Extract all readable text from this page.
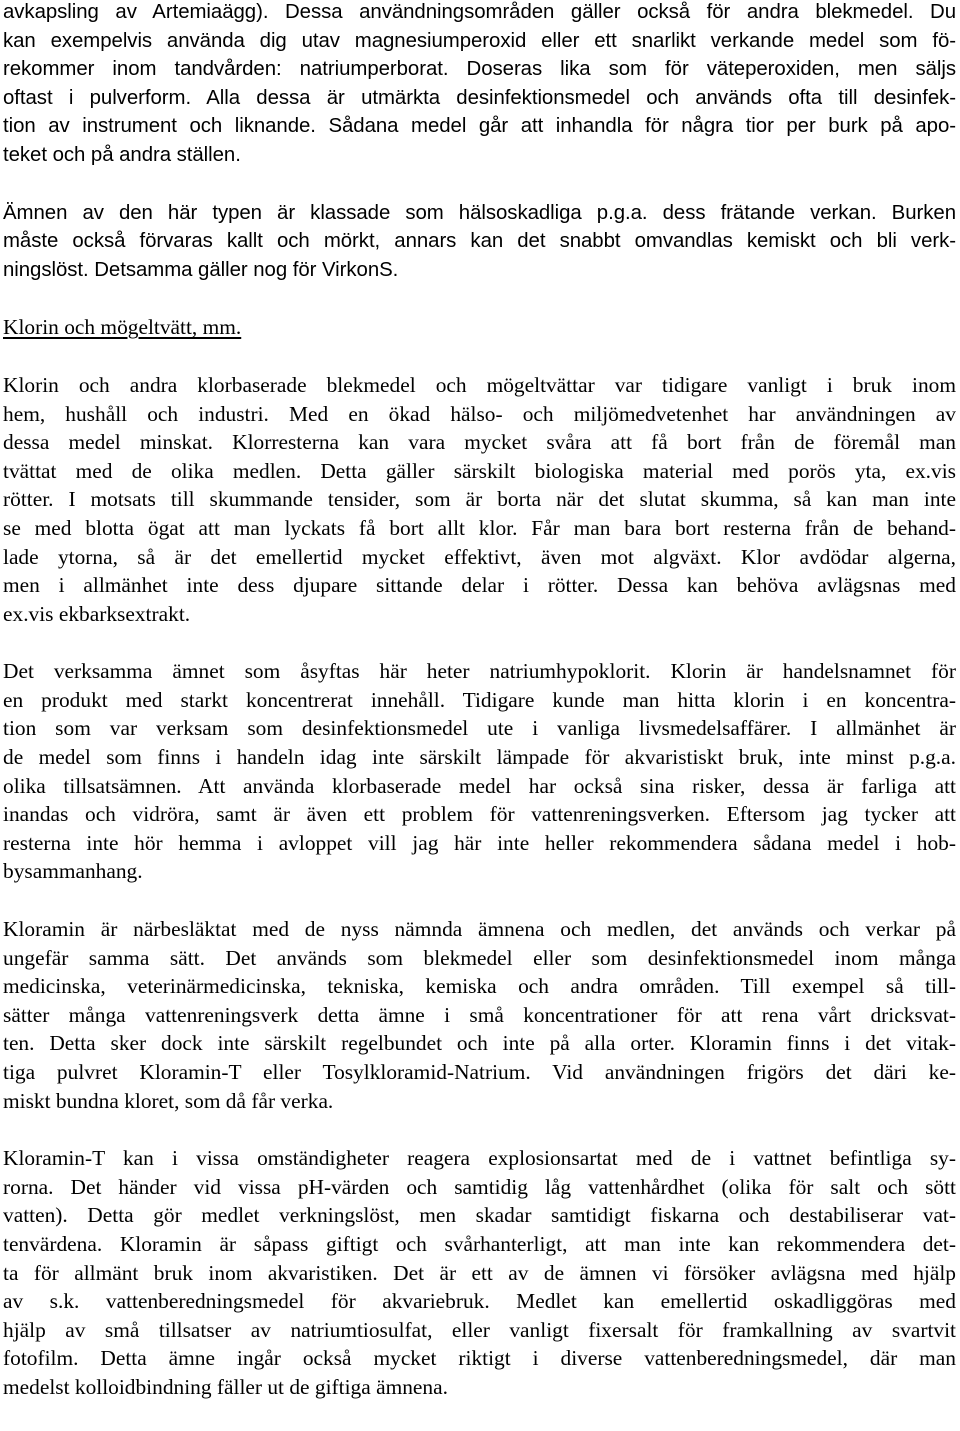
avkapsling av Artemiaägg). Dessa användningsområden gäller också för andra blekmedel. Du
kan exempelvis använda dig utav magnesiumperoxid eller ett snarlikt verkande medel som fö-
rekommer inom tandvården: natriumperborat. Doseras lika som för väteperoxiden, men säljs
oftast i pulverform. Alla dessa är utmärkta desinfektionsmedel och används ofta till desinfek-
tion av instrument och liknande. Sådana medel går att inhandla för några tior per burk på apo-
teket och på andra ställen.
Ämnen av den här typen är klassade som hälsoskadliga p.g.a. dess frätande verkan. Burken
måste också förvaras kallt och mörkt, annars kan det snabbt omvandlas kemiskt och bli verk-
ningslöst. Detsamma gäller nog för VirkonS.
Klorin och mögeltvätt, mm.
Klorin och andra klorbaserade blekmedel och mögeltvättar var tidigare vanligt i bruk inom
hem, hushåll och industri. Med en ökad hälso- och miljömedvetenhet har användningen av
dessa medel minskat. Klorresterna kan vara mycket svåra att få bort från de föremål man
tvättat med de olika medlen. Detta gäller särskilt biologiska material med porös yta, ex.vis
rötter. I motsats till skummande tensider, som är borta när det slutat skumma, så kan man inte
se med blotta ögat att man lyckats få bort allt klor. Får man bara bort resterna från de behand-
lade ytorna, så är det emellertid mycket effektivt, även mot algväxt. Klor avdödar algerna,
men i allmänhet inte dess djupare sittande delar i rötter. Dessa kan behöva avlägsnas med
ex.vis ekbarksextrakt.
Det verksamma ämnet som åsyftas här heter natriumhypoklorit. Klorin är handelsnamnet för
en produkt med starkt koncentrerat innehåll. Tidigare kunde man hitta klorin i en koncentra-
tion som var verksam som desinfektionsmedel ute i vanliga livsmedelsaffärer. I allmänhet är
de medel som finns i handeln idag inte särskilt lämpade för akvaristiskt bruk, inte minst p.g.a.
olika tillsatsämnen. Att använda klorbaserade medel har också sina risker, dessa är farliga att
inandas och vidröra, samt är även ett problem för vattenreningsverken. Eftersom jag tycker att
resterna inte hör hemma i avloppet vill jag här inte heller rekommendera sådana medel i hob-
bysammanhang.
Kloramin är närbesläktat med de nyss nämnda ämnena och medlen, det används och verkar på
ungefär samma sätt. Det används som blekmedel eller som desinfektionsmedel inom många
medicinska, veterinärmedicinska, tekniska, kemiska och andra områden. Till exempel så till-
sätter många vattenreningsverk detta ämne i små koncentrationer för att rena vårt dricksvat-
ten. Detta sker dock inte särskilt regelbundet och inte på alla orter. Kloramin finns i det vitak-
tiga pulvret Kloramin-T eller Tosylkloramid-Natrium. Vid användningen frigörs det däri ke-
miskt bundna kloret, som då får verka.
Kloramin-T kan i vissa omständigheter reagera explosionsartat med de i vattnet befintliga sy-
rorna. Det händer vid vissa pH-värden och samtidig låg vattenhårdhet (olika för salt och sött
vatten). Detta gör medlet verkningslöst, men skadar samtidigt fiskarna och destabiliserar vat-
tenvärdena. Kloramin är såpass giftigt och svårhanterligt, att man inte kan rekommendera det-
ta för allmänt bruk inom akvaristiken. Det är ett av de ämnen vi försöker avlägsna med hjälp
av s.k. vattenberedningsmedel för akvariebruk. Medlet kan emellertid oskadliggöras med
hjälp av små tillsatser av natriumtiosulfat, eller vanligt fixersalt för framkallning av svartvit
fotofilm. Detta ämne ingår också mycket riktigt i diverse vattenberedningsmedel, där man
medelst kolloidbindning fäller ut de giftiga ämnena.
